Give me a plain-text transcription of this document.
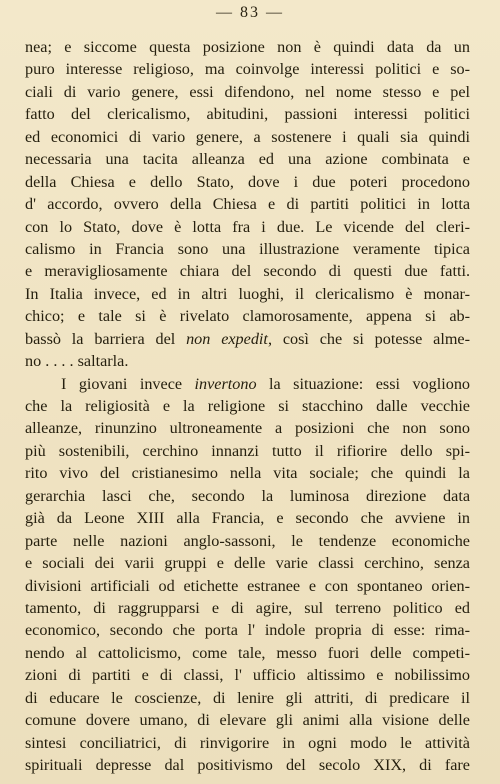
— 83 —
nea; e siccome questa posizione non è quindi data da un
puro interesse religioso, ma coinvolge interessi politici e so-
ciali di vario genere, essi difendono, nel nome stesso e pel
fatto del clericalismo, abitudini, passioni interessi politici
ed economici di vario genere, a sostenere i quali sia quindi
necessaria una tacita alleanza ed una azione combinata e
della Chiesa e dello Stato, dove i due poteri procedono
d' accordo, ovvero della Chiesa e di partiti politici in lotta
con lo Stato, dove è lotta fra i due. Le vicende del cleri-
calismo in Francia sono una illustrazione veramente tipica
e meravigliosamente chiara del secondo di questi due fatti.
In Italia invece, ed in altri luoghi, il clericalismo è monar-
chico; e tale si è rivelato clamorosamente, appena si ab-
bassò la barriera del non expedit, così che si potesse alme-
no . . . . saltarla.
I giovani invece invertono la situazione: essi vogliono
che la religiosità e la religione si stacchino dalle vecchie
alleanze, rinunzino ultroneamente a posizioni che non sono
più sostenibili, cerchino innanzi tutto il rifiorire dello spi-
rito vivo del cristianesimo nella vita sociale; che quindi la
gerarchia lasci che, secondo la luminosa direzione data
già da Leone XIII alla Francia, e secondo che avviene in
parte nelle nazioni anglo-sassoni, le tendenze economiche
e sociali dei varii gruppi e delle varie classi cerchino, senza
divisioni artificiali od etichette estranee e con spontaneo orien-
tamento, di raggrupparsi e di agire, sul terreno politico ed
economico, secondo che porta l' indole propria di esse: rima-
nendo al cattolicismo, come tale, messo fuori delle competi-
zioni di partiti e di classi, l' ufficio altissimo e nobilissimo
di educare le coscienze, di lenire gli attriti, di predicare il
comune dovere umano, di elevare gli animi alla visione delle
sintesi conciliatrici, di rinvigorire in ogni modo le attività
spirituali depresse dal positivismo del secolo XIX, di fare
